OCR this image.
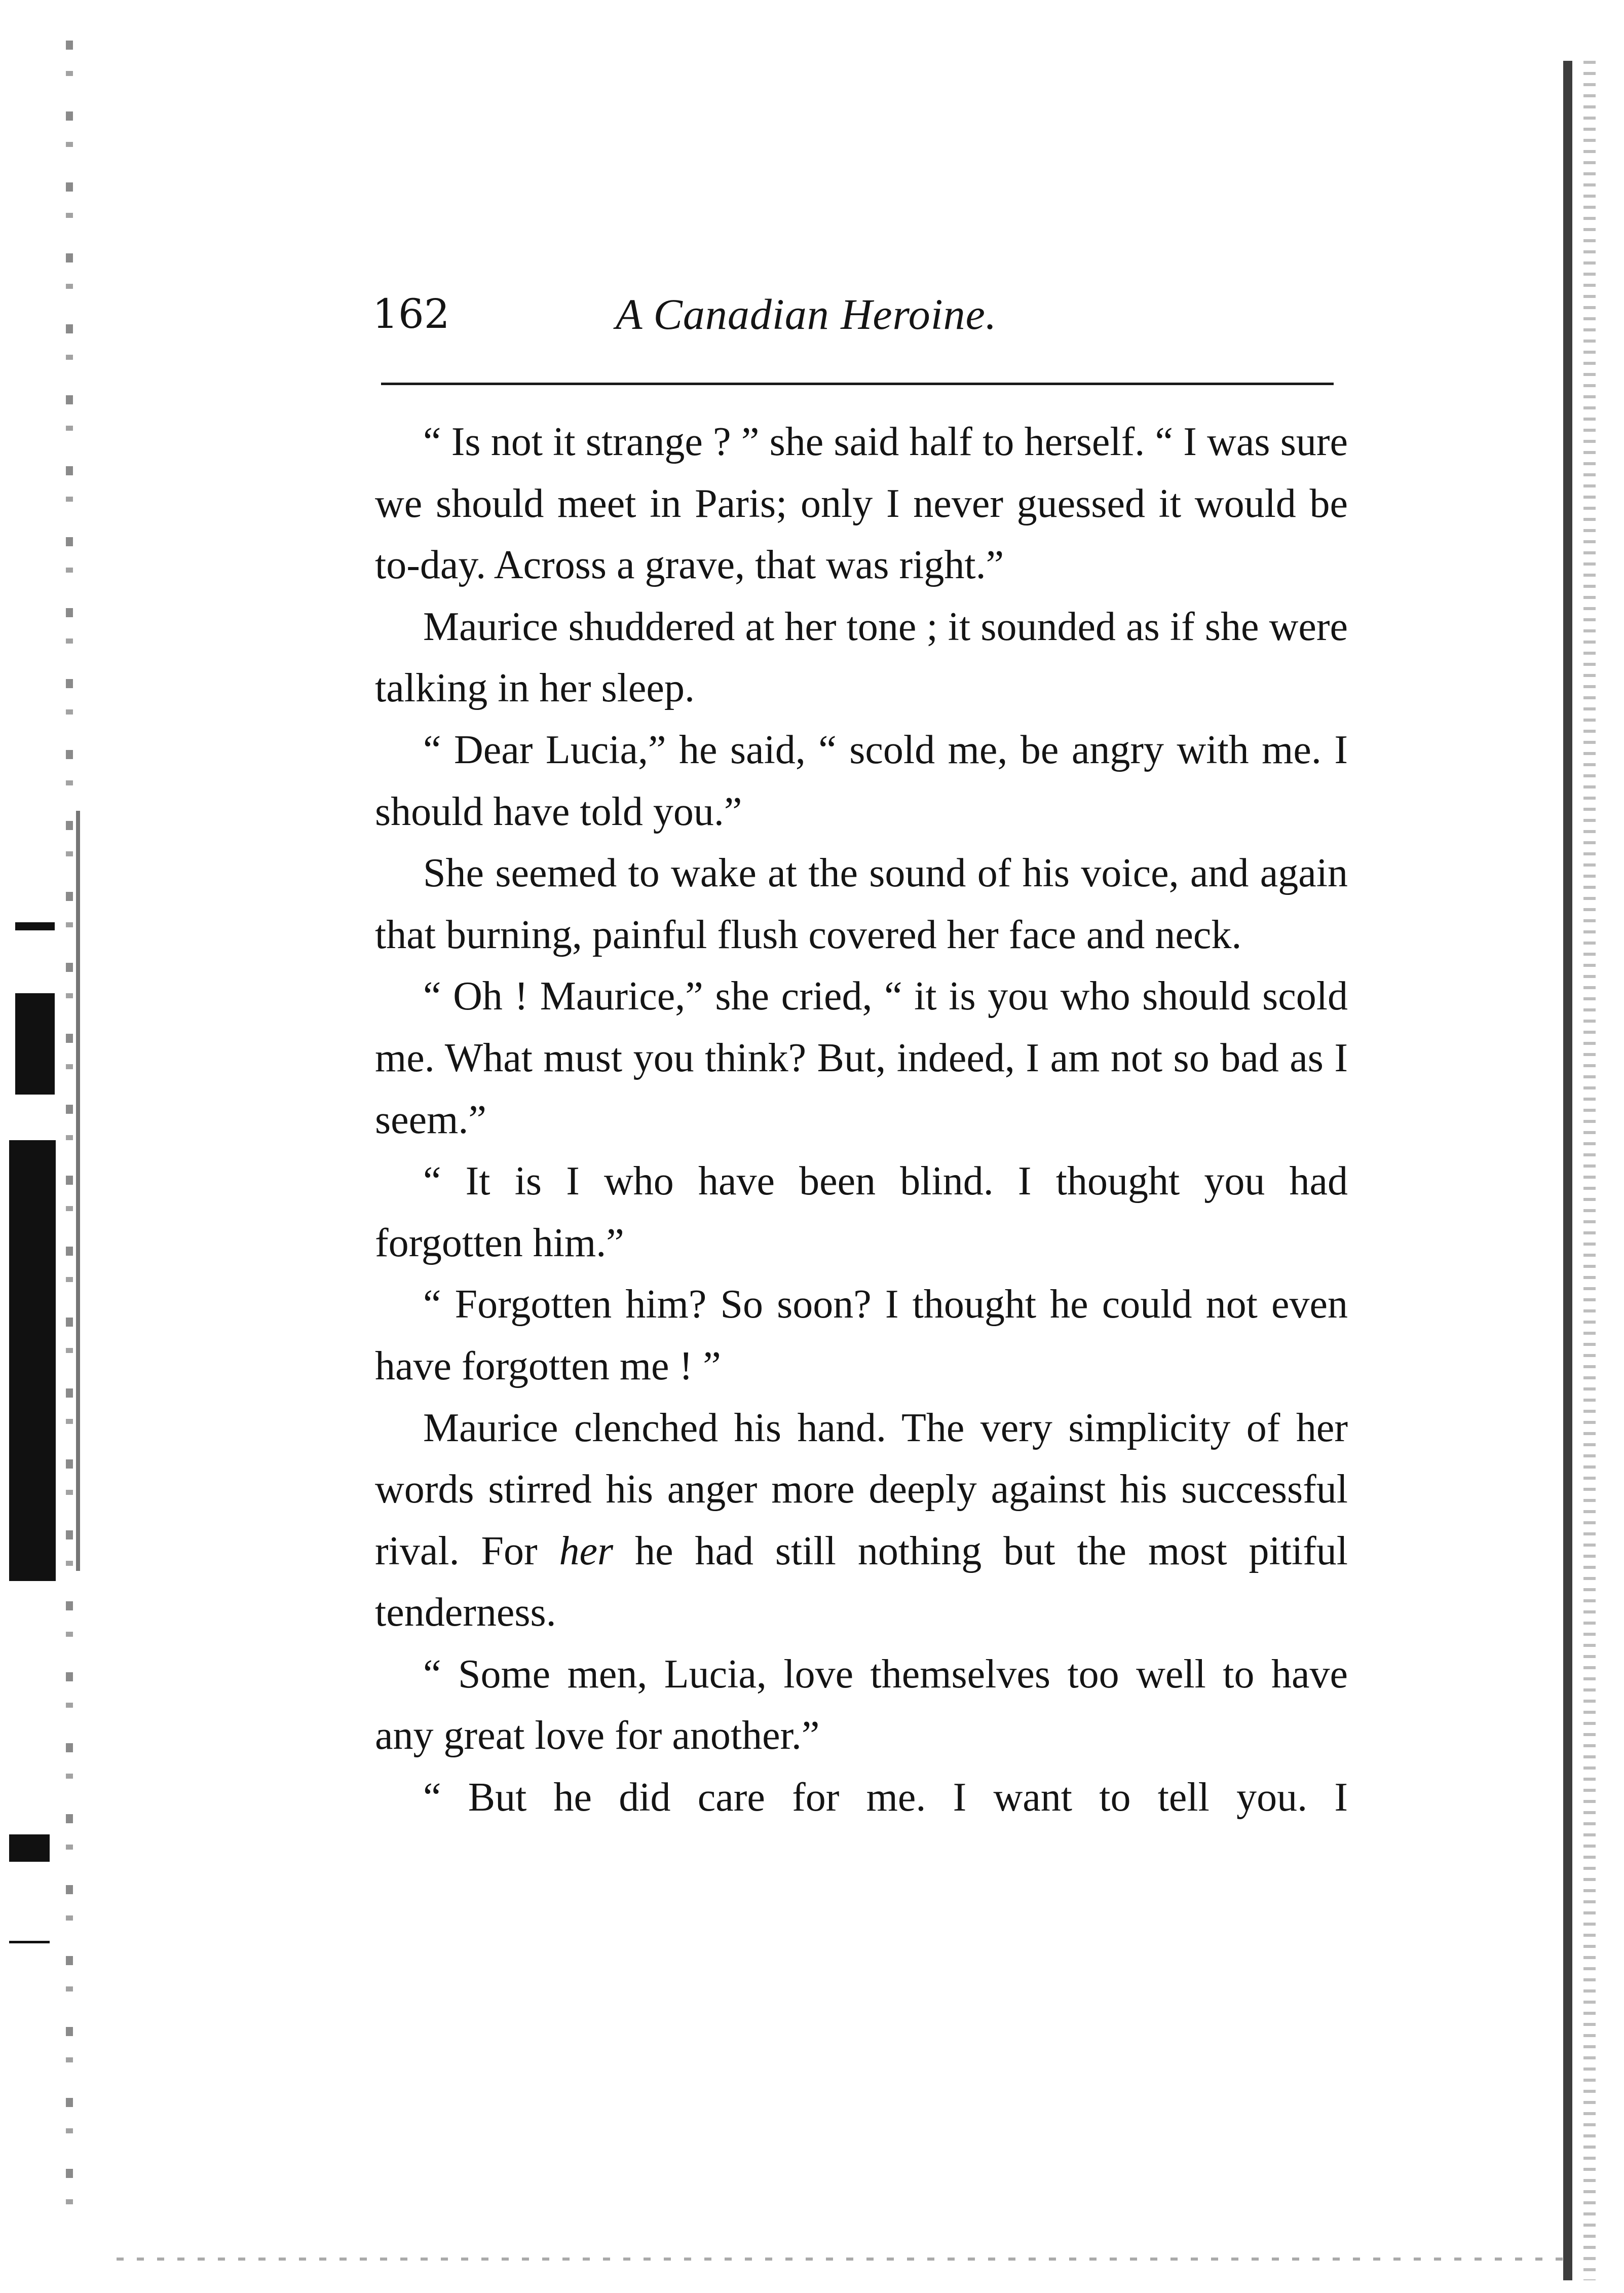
162	A Canadian Heroine.

“ Is not it strange ? ” she said half to herself. “ I was sure we should meet in Paris; only I never guessed it would be to-day. Across a grave, that was right.”

Maurice shuddered at her tone ; it sounded as if she were talking in her sleep.

“ Dear Lucia,” he said, “ scold me, be angry with me. I should have told you.”

She seemed to wake at the sound of his voice, and again that burning, painful flush covered her face and neck.

“ Oh ! Maurice,” she cried, “ it is you who should scold me. What must you think? But, indeed, I am not so bad as I seem.”

“ It is I who have been blind. I thought you had forgotten him.”

“ Forgotten him? So soon? I thought he could not even have forgotten me ! ”

Maurice clenched his hand. The very simplicity of her words stirred his anger more deeply against his successful rival. For her he had still nothing but the most pitiful tenderness.

“ Some men, Lucia, love themselves too well to have any great love for another.”

“ But he did care for me. I want to tell you. I
